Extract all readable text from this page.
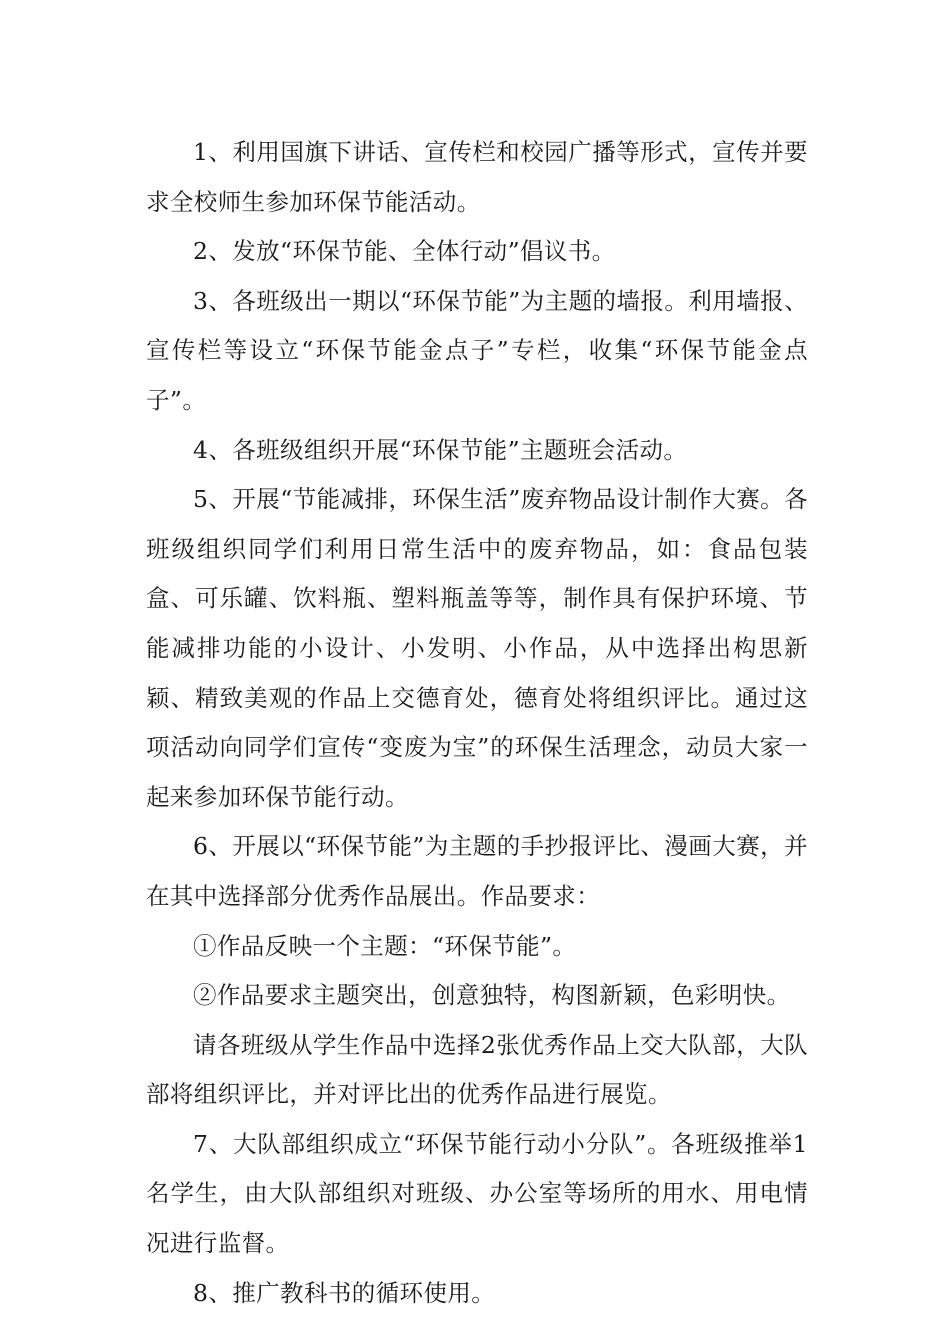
1、利用国旗下讲话、宣传栏和校园广播等形式，宣传并要求全校师生参加环保节能活动。

2、发放“环保节能、全体行动”倡议书。

3、各班级出一期以“环保节能”为主题的墙报。利用墙报、宣传栏等设立“环保节能金点子”专栏，收集“环保节能金点子”。

4、各班级组织开展“环保节能”主题班会活动。

5、开展“节能减排，环保生活”废弃物品设计制作大赛。各班级组织同学们利用日常生活中的废弃物品，如：食品包装盒、可乐罐、饮料瓶、塑料瓶盖等等，制作具有保护环境、节能减排功能的小设计、小发明、小作品，从中选择出构思新颖、精致美观的作品上交德育处，德育处将组织评比。通过这项活动向同学们宣传“变废为宝”的环保生活理念，动员大家一起来参加环保节能行动。

6、开展以“环保节能”为主题的手抄报评比、漫画大赛，并在其中选择部分优秀作品展出。作品要求：

①作品反映一个主题：“环保节能”。

②作品要求主题突出，创意独特，构图新颖，色彩明快。

请各班级从学生作品中选择2张优秀作品上交大队部，大队部将组织评比，并对评比出的优秀作品进行展览。

7、大队部组织成立“环保节能行动小分队”。各班级推举1名学生，由大队部组织对班级、办公室等场所的用水、用电情况进行监督。

8、推广教科书的循环使用。
